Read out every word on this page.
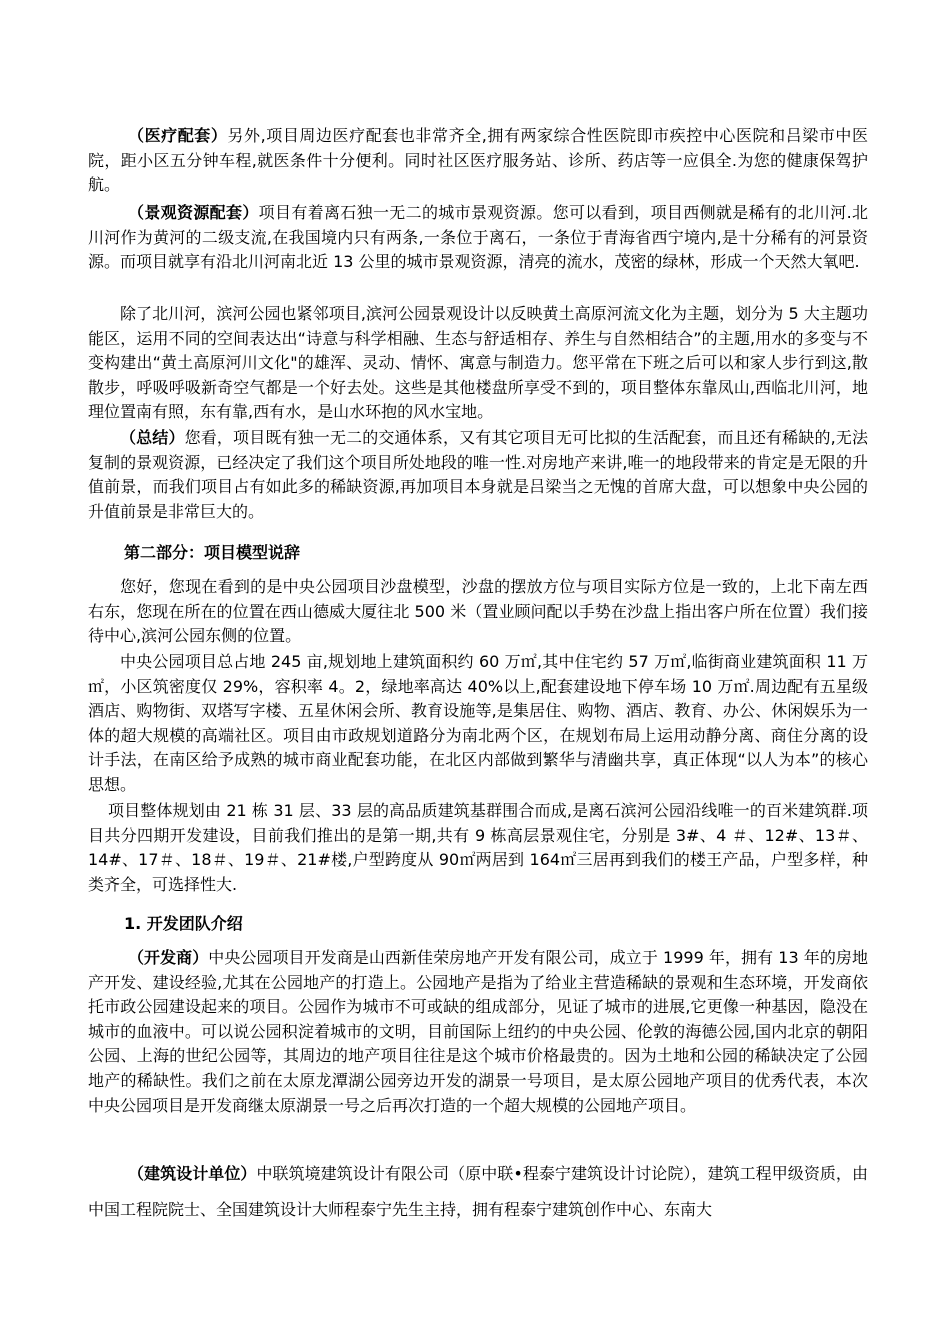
（医疗配套）另外,项目周边医疗配套也非常齐全,拥有两家综合性医院即市疾控中心医院和吕梁市中医院，距小区五分钟车程,就医条件十分便利。同时社区医疗服务站、诊所、药店等一应俱全.为您的健康保驾护航。

（景观资源配套）项目有着离石独一无二的城市景观资源。您可以看到，项目西侧就是稀有的北川河.北川河作为黄河的二级支流,在我国境内只有两条,一条位于离石，一条位于青海省西宁境内,是十分稀有的河景资源。而项目就享有沿北川河南北近 13 公里的城市景观资源，清亮的流水，茂密的绿林，形成一个天然大氧吧.

除了北川河，滨河公园也紧邻项目,滨河公园景观设计以反映黄土高原河流文化为主题，划分为 5 大主题功能区，运用不同的空间表达出“诗意与科学相融、生态与舒适相存、养生与自然相结合”的主题,用水的多变与不变构建出“黄土高原河川文化"的雄浑、灵动、情怀、寓意与制造力。您平常在下班之后可以和家人步行到这,散散步，呼吸呼吸新奇空气都是一个好去处。这些是其他楼盘所享受不到的，项目整体东靠凤山,西临北川河，地理位置南有照，东有靠,西有水，是山水环抱的风水宝地。

（总结）您看，项目既有独一无二的交通体系，又有其它项目无可比拟的生活配套，而且还有稀缺的,无法复制的景观资源，已经决定了我们这个项目所处地段的唯一性.对房地产来讲,唯一的地段带来的肯定是无限的升值前景，而我们项目占有如此多的稀缺资源,再加项目本身就是吕梁当之无愧的首席大盘，可以想象中央公园的升值前景是非常巨大的。

第二部分：项目模型说辞

您好，您现在看到的是中央公园项目沙盘模型，沙盘的摆放方位与项目实际方位是一致的，上北下南左西右东，您现在所在的位置在西山德威大厦往北 500 米（置业顾问配以手势在沙盘上指出客户所在位置）我们接待中心,滨河公园东侧的位置。

中央公园项目总占地 245 亩,规划地上建筑面积约 60 万㎡,其中住宅约 57 万㎡,临街商业建筑面积 11 万㎡，小区筑密度仅 29%，容积率 4。2，绿地率高达 40%以上,配套建设地下停车场 10 万㎡.周边配有五星级酒店、购物街、双塔写字楼、五星休闲会所、教育设施等,是集居住、购物、酒店、教育、办公、休闲娱乐为一体的超大规模的高端社区。项目由市政规划道路分为南北两个区，在规划布局上运用动静分离、商住分离的设计手法，在南区给予成熟的城市商业配套功能，在北区内部做到繁华与清幽共享，真正体现“以人为本”的核心思想。

项目整体规划由 21 栋 31 层、33 层的高品质建筑基群围合而成,是离石滨河公园沿线唯一的百米建筑群.项目共分四期开发建设，目前我们推出的是第一期,共有 9 栋高层景观住宅，分别是 3#、4 ＃、12#、13＃、14#、17＃、18＃、19＃、21#楼,户型跨度从 90㎡两居到 164㎡三居再到我们的楼王产品，户型多样，种类齐全，可选择性大.

1. 开发团队介绍

（开发商）中央公园项目开发商是山西新佳荣房地产开发有限公司，成立于 1999 年，拥有 13 年的房地产开发、建设经验,尤其在公园地产的打造上。公园地产是指为了给业主营造稀缺的景观和生态环境，开发商依托市政公园建设起来的项目。公园作为城市不可或缺的组成部分，见证了城市的进展,它更像一种基因，隐没在城市的血液中。可以说公园积淀着城市的文明，目前国际上纽约的中央公园、伦敦的海德公园,国内北京的朝阳公园、上海的世纪公园等，其周边的地产项目往往是这个城市价格最贵的。因为土地和公园的稀缺决定了公园地产的稀缺性。我们之前在太原龙潭湖公园旁边开发的湖景一号项目，是太原公园地产项目的优秀代表，本次中央公园项目是开发商继太原湖景一号之后再次打造的一个超大规模的公园地产项目。

（建筑设计单位）中联筑境建筑设计有限公司（原中联•程泰宁建筑设计讨论院），建筑工程甲级资质，由中国工程院院士、全国建筑设计大师程泰宁先生主持，拥有程泰宁建筑创作中心、东南大
